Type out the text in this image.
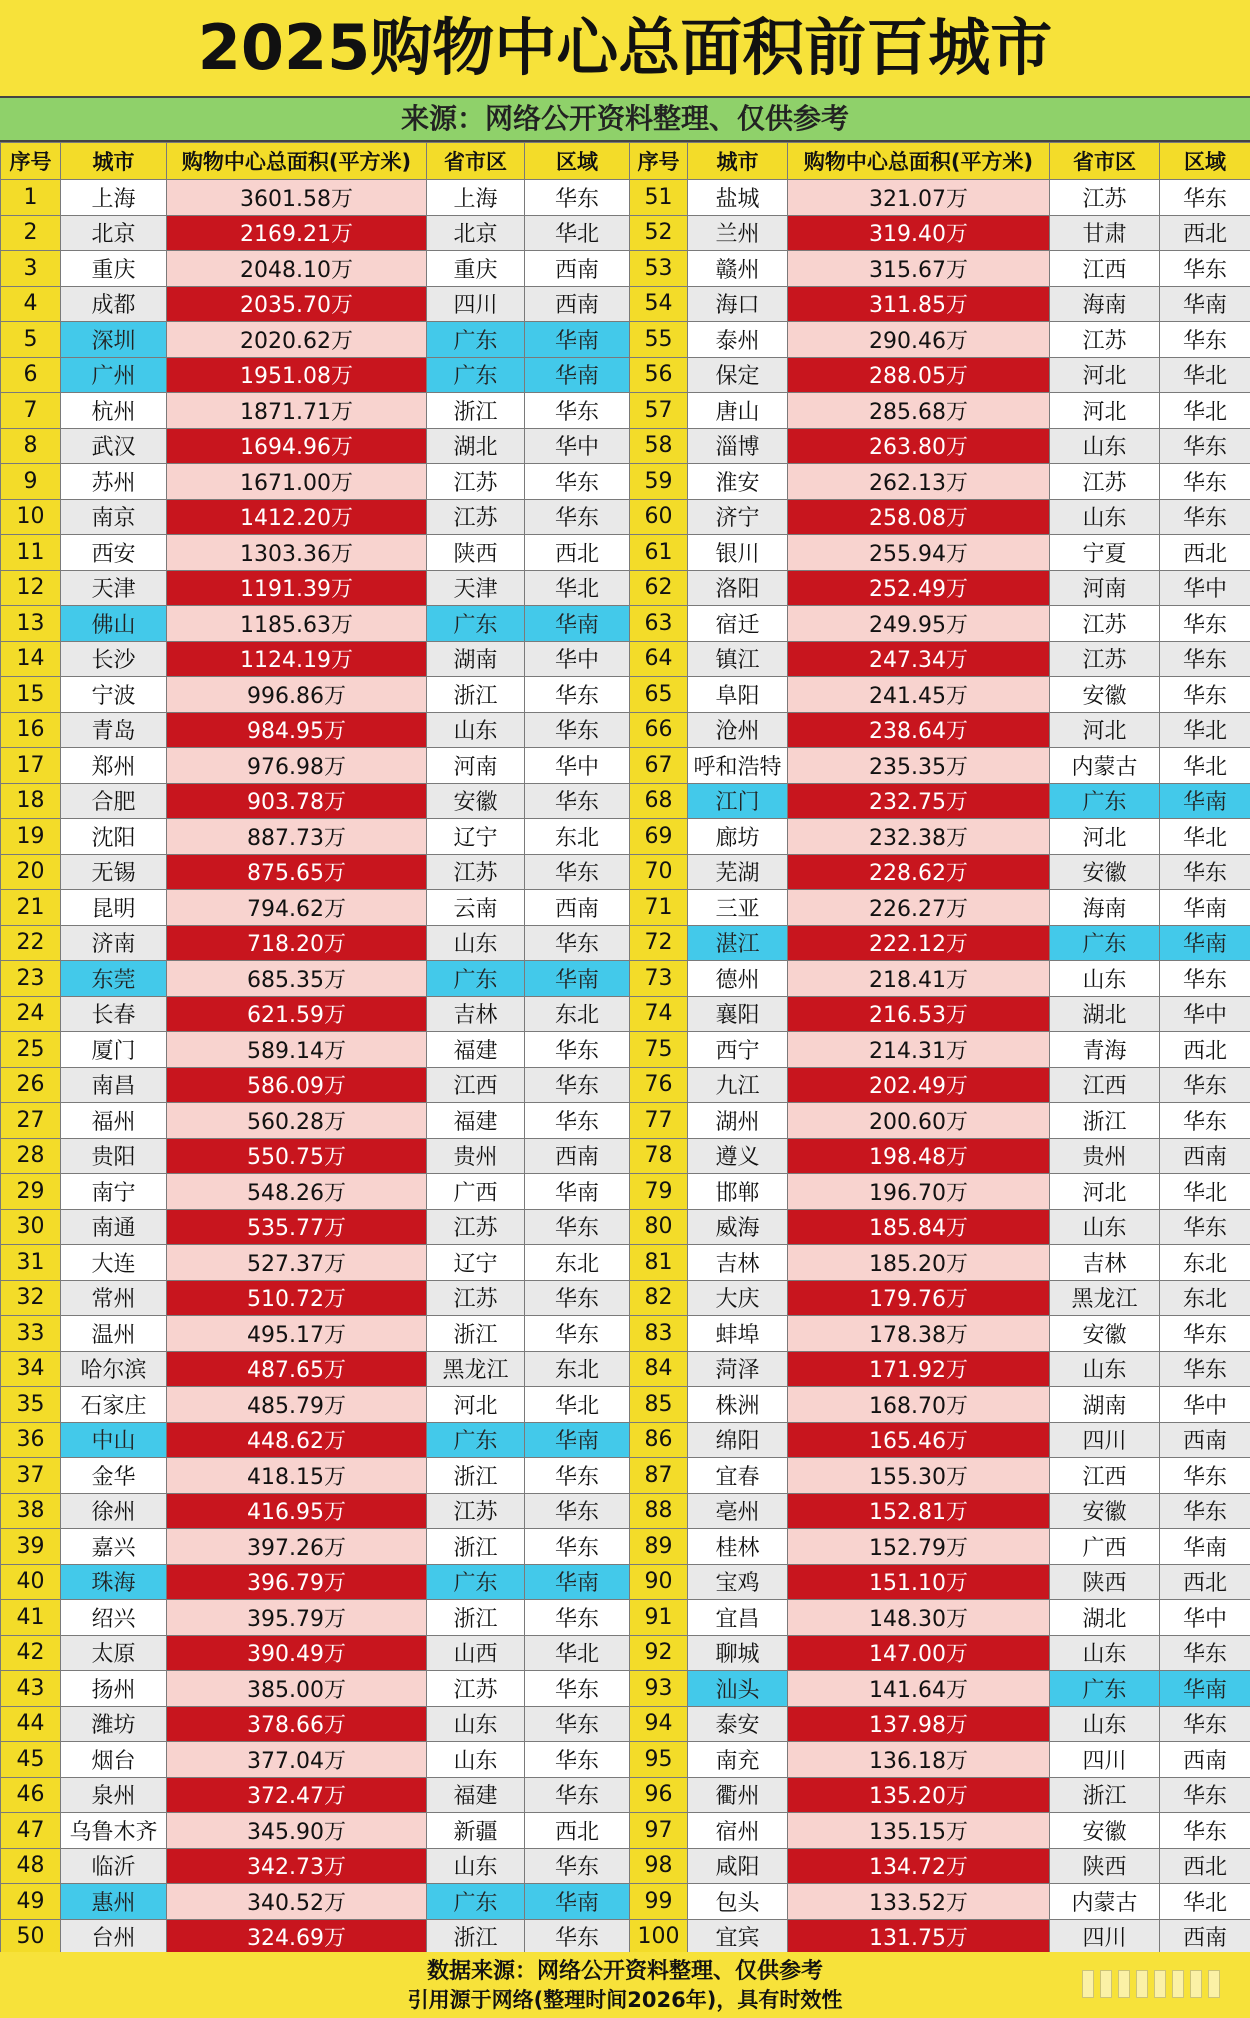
2025购物中心总面积前百城市
来源：网络公开资料整理、仅供参考
序号	城市	购物中心总面积(平方米)	省市区	区域	序号	城市	购物中心总面积(平方米)	省市区	区域
1	上海	3601.58万	上海	华东	51	盐城	321.07万	江苏	华东
2	北京	2169.21万	北京	华北	52	兰州	319.40万	甘肃	西北
3	重庆	2048.10万	重庆	西南	53	赣州	315.67万	江西	华东
4	成都	2035.70万	四川	西南	54	海口	311.85万	海南	华南
5	深圳	2020.62万	广东	华南	55	泰州	290.46万	江苏	华东
6	广州	1951.08万	广东	华南	56	保定	288.05万	河北	华北
7	杭州	1871.71万	浙江	华东	57	唐山	285.68万	河北	华北
8	武汉	1694.96万	湖北	华中	58	淄博	263.80万	山东	华东
9	苏州	1671.00万	江苏	华东	59	淮安	262.13万	江苏	华东
10	南京	1412.20万	江苏	华东	60	济宁	258.08万	山东	华东
11	西安	1303.36万	陕西	西北	61	银川	255.94万	宁夏	西北
12	天津	1191.39万	天津	华北	62	洛阳	252.49万	河南	华中
13	佛山	1185.63万	广东	华南	63	宿迁	249.95万	江苏	华东
14	长沙	1124.19万	湖南	华中	64	镇江	247.34万	江苏	华东
15	宁波	996.86万	浙江	华东	65	阜阳	241.45万	安徽	华东
16	青岛	984.95万	山东	华东	66	沧州	238.64万	河北	华北
17	郑州	976.98万	河南	华中	67	呼和浩特	235.35万	内蒙古	华北
18	合肥	903.78万	安徽	华东	68	江门	232.75万	广东	华南
19	沈阳	887.73万	辽宁	东北	69	廊坊	232.38万	河北	华北
20	无锡	875.65万	江苏	华东	70	芜湖	228.62万	安徽	华东
21	昆明	794.62万	云南	西南	71	三亚	226.27万	海南	华南
22	济南	718.20万	山东	华东	72	湛江	222.12万	广东	华南
23	东莞	685.35万	广东	华南	73	德州	218.41万	山东	华东
24	长春	621.59万	吉林	东北	74	襄阳	216.53万	湖北	华中
25	厦门	589.14万	福建	华东	75	西宁	214.31万	青海	西北
26	南昌	586.09万	江西	华东	76	九江	202.49万	江西	华东
27	福州	560.28万	福建	华东	77	湖州	200.60万	浙江	华东
28	贵阳	550.75万	贵州	西南	78	遵义	198.48万	贵州	西南
29	南宁	548.26万	广西	华南	79	邯郸	196.70万	河北	华北
30	南通	535.77万	江苏	华东	80	威海	185.84万	山东	华东
31	大连	527.37万	辽宁	东北	81	吉林	185.20万	吉林	东北
32	常州	510.72万	江苏	华东	82	大庆	179.76万	黑龙江	东北
33	温州	495.17万	浙江	华东	83	蚌埠	178.38万	安徽	华东
34	哈尔滨	487.65万	黑龙江	东北	84	菏泽	171.92万	山东	华东
35	石家庄	485.79万	河北	华北	85	株洲	168.70万	湖南	华中
36	中山	448.62万	广东	华南	86	绵阳	165.46万	四川	西南
37	金华	418.15万	浙江	华东	87	宜春	155.30万	江西	华东
38	徐州	416.95万	江苏	华东	88	亳州	152.81万	安徽	华东
39	嘉兴	397.26万	浙江	华东	89	桂林	152.79万	广西	华南
40	珠海	396.79万	广东	华南	90	宝鸡	151.10万	陕西	西北
41	绍兴	395.79万	浙江	华东	91	宜昌	148.30万	湖北	华中
42	太原	390.49万	山西	华北	92	聊城	147.00万	山东	华东
43	扬州	385.00万	江苏	华东	93	汕头	141.64万	广东	华南
44	潍坊	378.66万	山东	华东	94	泰安	137.98万	山东	华东
45	烟台	377.04万	山东	华东	95	南充	136.18万	四川	西南
46	泉州	372.47万	福建	华东	96	衢州	135.20万	浙江	华东
47	乌鲁木齐	345.90万	新疆	西北	97	宿州	135.15万	安徽	华东
48	临沂	342.73万	山东	华东	98	咸阳	134.72万	陕西	西北
49	惠州	340.52万	广东	华南	99	包头	133.52万	内蒙古	华北
50	台州	324.69万	浙江	华东	100	宜宾	131.75万	四川	西南
数据来源：网络公开资料整理、仅供参考
引用源于网络(整理时间2026年)，具有时效性
